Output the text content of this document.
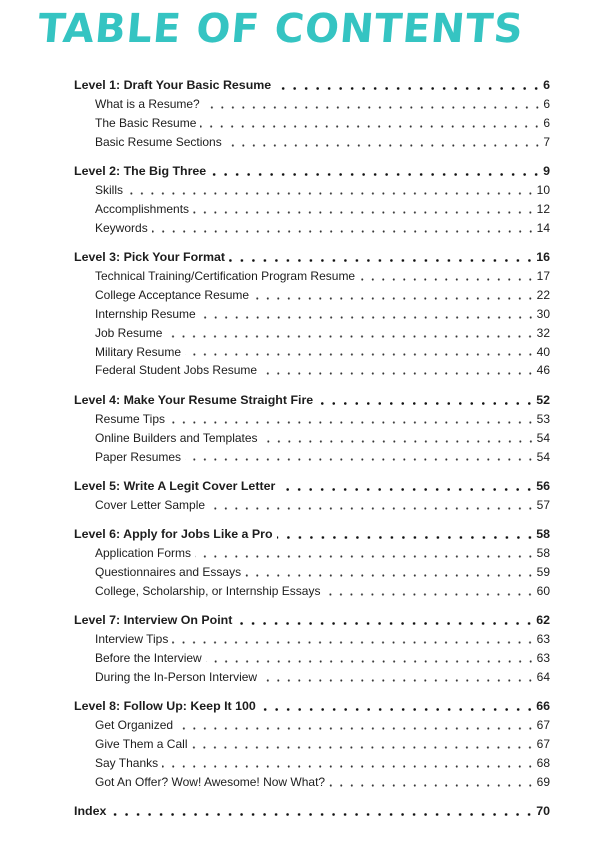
TABLE OF CONTENTS
Level 1: Draft Your Basic Resume	6
What is a Resume?	6
The Basic Resume	6
Basic Resume Sections	7
Level 2: The Big Three	9
Skills	10
Accomplishments	12
Keywords	14
Level 3: Pick Your Format	16
Technical Training/Certification Program Resume	17
College Acceptance Resume	22
Internship Resume	30
Job Resume	32
Military Resume	40
Federal Student Jobs Resume	46
Level 4: Make Your Resume Straight Fire	52
Resume Tips	53
Online Builders and Templates	54
Paper Resumes	54
Level 5: Write A Legit Cover Letter	56
Cover Letter Sample	57
Level 6: Apply for Jobs Like a Pro	58
Application Forms	58
Questionnaires and Essays	59
College, Scholarship, or Internship Essays	60
Level 7: Interview On Point	62
Interview Tips	63
Before the Interview	63
During the In-Person Interview	64
Level 8: Follow Up: Keep It 100	66
Get Organized	67
Give Them a Call	67
Say Thanks	68
Got An Offer? Wow! Awesome! Now What?	69
Index	70
